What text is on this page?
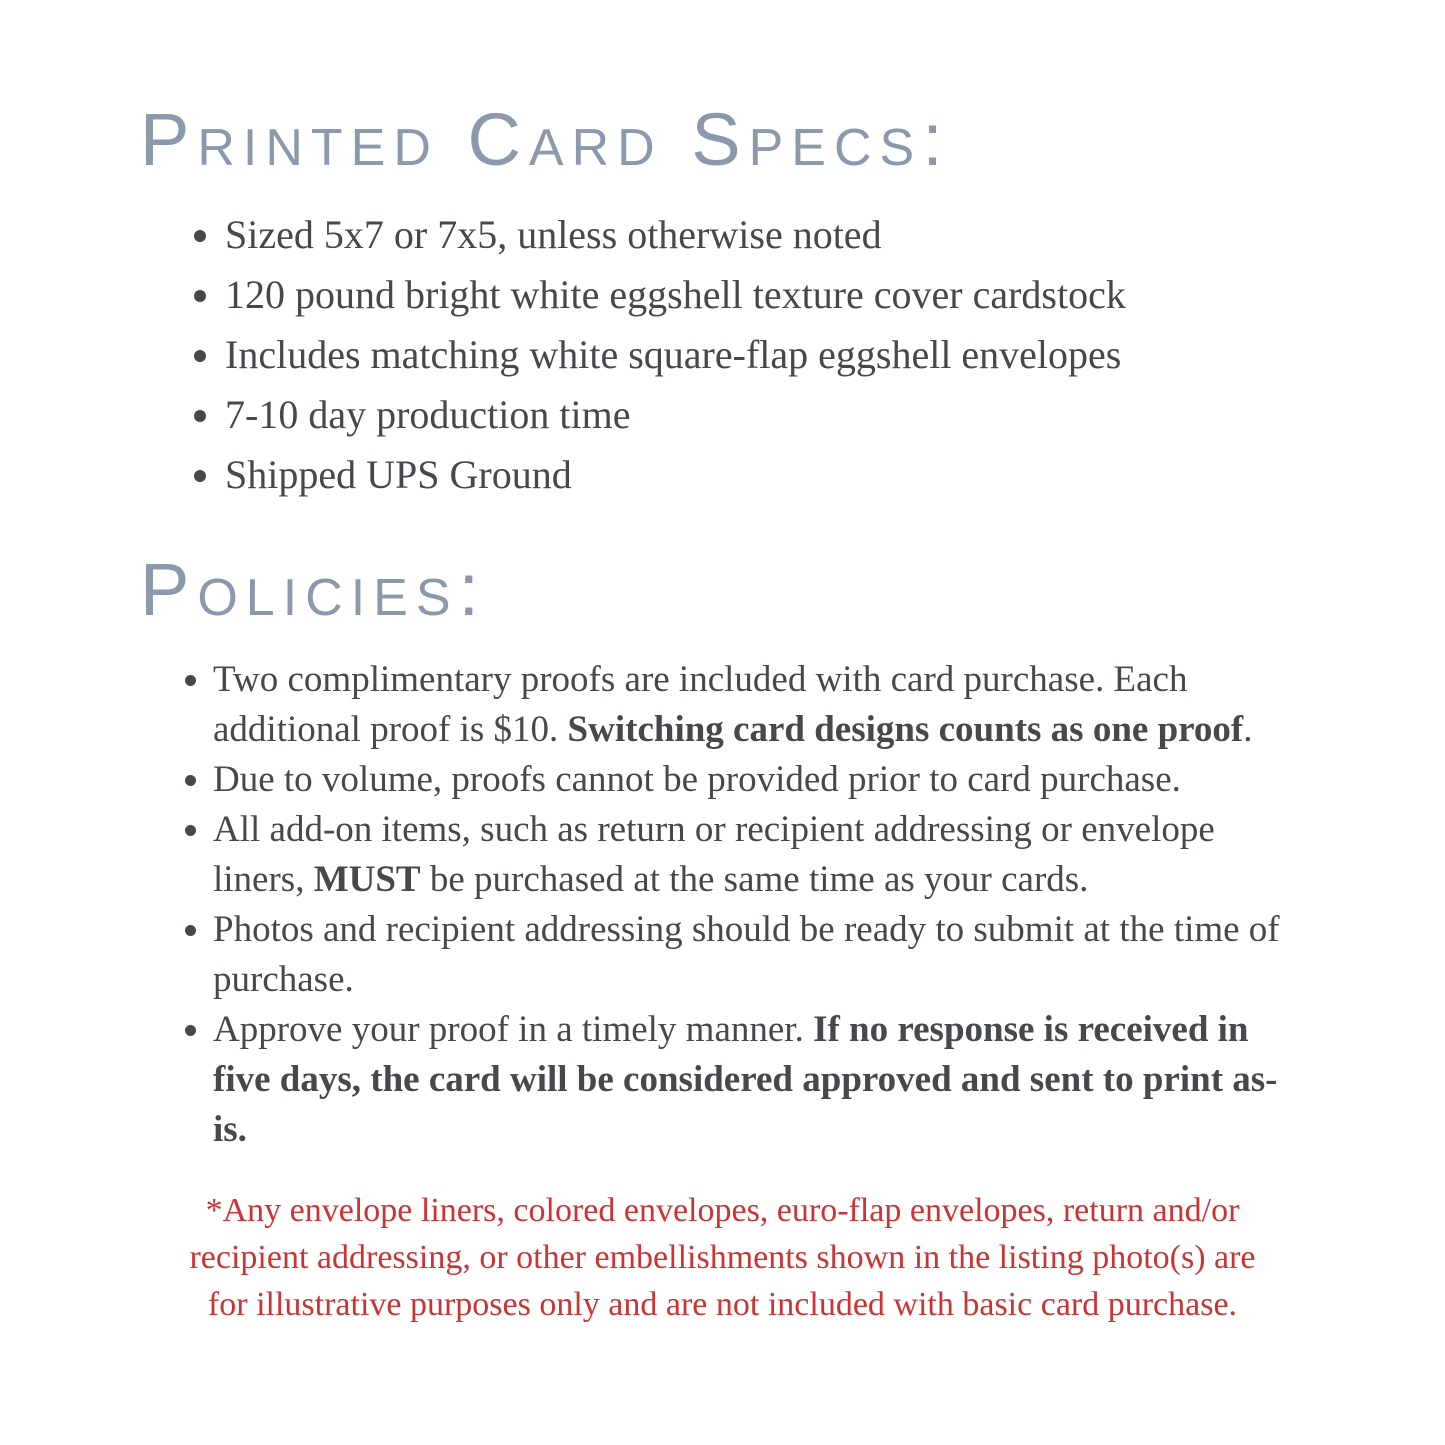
Printed Card Specs:
• Sized 5x7 or 7x5, unless otherwise noted
• 120 pound bright white eggshell texture cover cardstock
• Includes matching white square-flap eggshell envelopes
• 7-10 day production time
• Shipped UPS Ground
Policies:
• Two complimentary proofs are included with card purchase. Each additional proof is $10. Switching card designs counts as one proof.
• Due to volume, proofs cannot be provided prior to card purchase.
• All add-on items, such as return or recipient addressing or envelope liners, MUST be purchased at the same time as your cards.
• Photos and recipient addressing should be ready to submit at the time of purchase.
• Approve your proof in a timely manner. If no response is received in five days, the card will be considered approved and sent to print as-is.
*Any envelope liners, colored envelopes, euro-flap envelopes, return and/or
recipient addressing, or other embellishments shown in the listing photo(s) are
for illustrative purposes only and are not included with basic card purchase.
